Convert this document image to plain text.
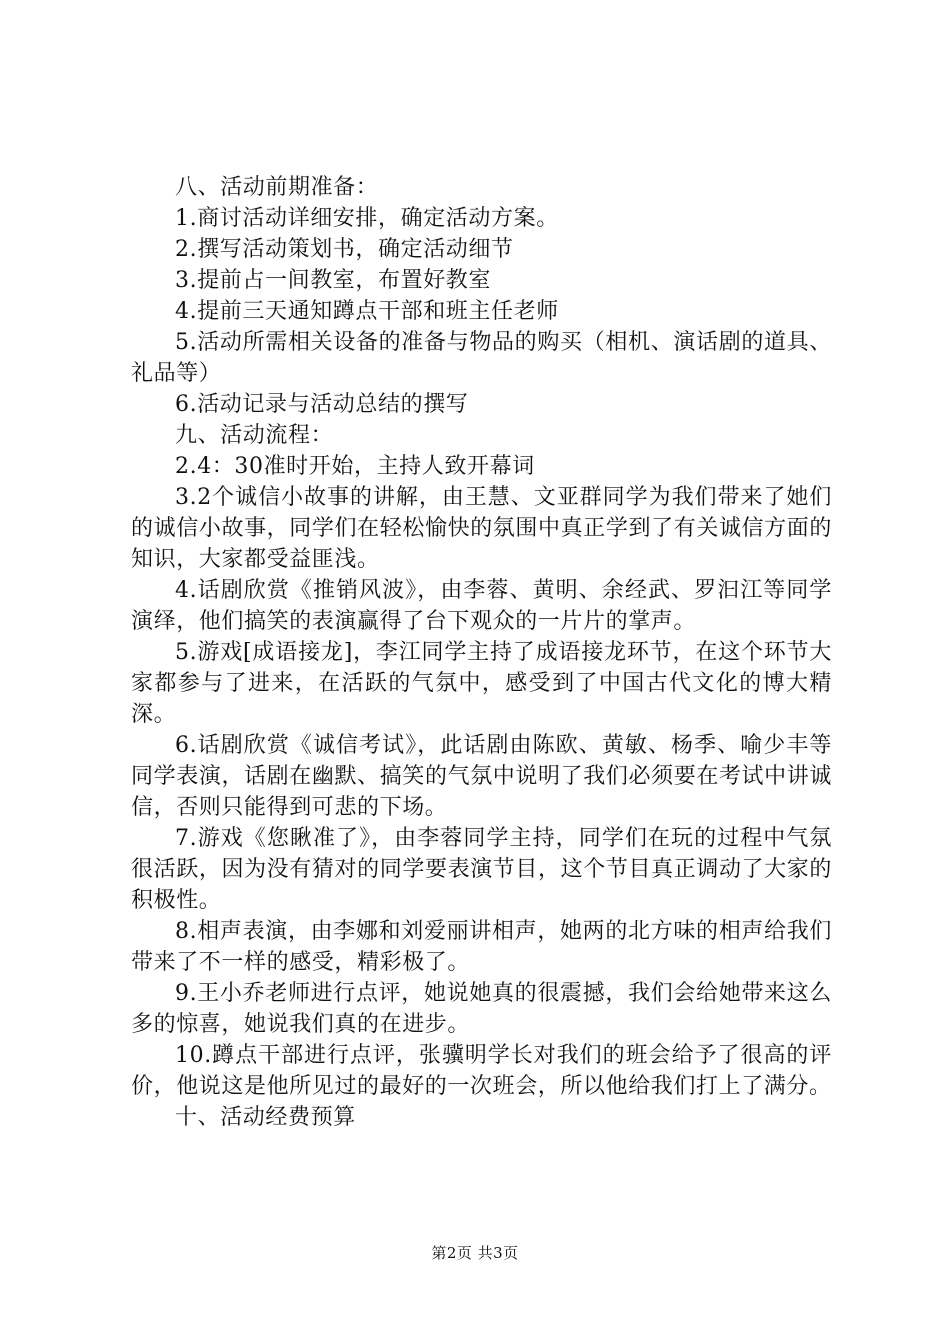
八、活动前期准备：

1.商讨活动详细安排，确定活动方案。

2.撰写活动策划书，确定活动细节

3.提前占一间教室，布置好教室

4.提前三天通知蹲点干部和班主任老师

5.活动所需相关设备的准备与物品的购买（相机、演话剧的道具、礼品等）

6.活动记录与活动总结的撰写

九、活动流程：

2.4：30准时开始，主持人致开幕词

3.2个诚信小故事的讲解，由王慧、文亚群同学为我们带来了她们的诚信小故事，同学们在轻松愉快的氛围中真正学到了有关诚信方面的知识，大家都受益匪浅。

4.话剧欣赏《推销风波》，由李蓉、黄明、余经武、罗汩江等同学演绎，他们搞笑的表演赢得了台下观众的一片片的掌声。

5.游戏[成语接龙]，李江同学主持了成语接龙环节，在这个环节大家都参与了进来，在活跃的气氛中，感受到了中国古代文化的博大精深。

6.话剧欣赏《诚信考试》，此话剧由陈欧、黄敏、杨季、喻少丰等同学表演，话剧在幽默、搞笑的气氛中说明了我们必须要在考试中讲诚信，否则只能得到可悲的下场。

7.游戏《您瞅准了》，由李蓉同学主持，同学们在玩的过程中气氛很活跃，因为没有猜对的同学要表演节目，这个节目真正调动了大家的积极性。

8.相声表演，由李娜和刘爱丽讲相声，她两的北方味的相声给我们带来了不一样的感受，精彩极了。

9.王小乔老师进行点评，她说她真的很震撼，我们会给她带来这么多的惊喜，她说我们真的在进步。

10.蹲点干部进行点评，张骥明学长对我们的班会给予了很高的评价，他说这是他所见过的最好的一次班会，所以他给我们打上了满分。

十、活动经费预算

第2页 共3页
